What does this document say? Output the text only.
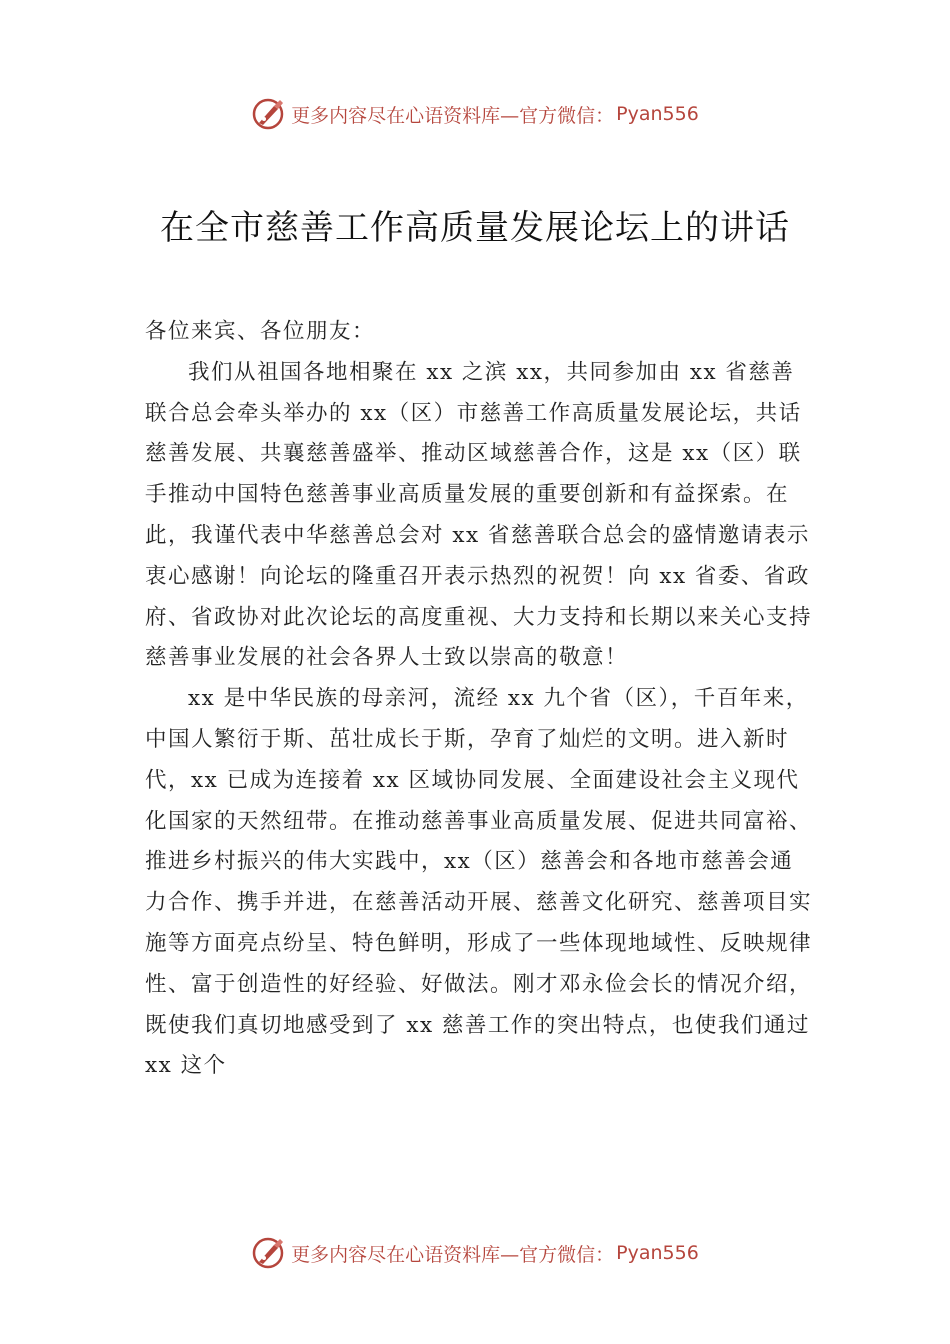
更多内容尽在心语资料库—官方微信： Pyan556
在全市慈善工作高质量发展论坛上的讲话

各位来宾、各位朋友：

我们从祖国各地相聚在 xx 之滨 xx，共同参加由 xx 省慈善联合总会牵头举办的 xx（区）市慈善工作高质量发展论坛，共话慈善发展、共襄慈善盛举、推动区域慈善合作，这是 xx（区）联手推动中国特色慈善事业高质量发展的重要创新和有益探索。在此，我谨代表中华慈善总会对 xx 省慈善联合总会的盛情邀请表示衷心感谢！向论坛的隆重召开表示热烈的祝贺！向 xx 省委、省政府、省政协对此次论坛的高度重视、大力支持和长期以来关心支持慈善事业发展的社会各界人士致以崇高的敬意！

xx 是中华民族的母亲河，流经 xx 九个省（区），千百年来，中国人繁衍于斯、茁壮成长于斯，孕育了灿烂的文明。进入新时代，xx 已成为连接着 xx 区域协同发展、全面建设社会主义现代化国家的天然纽带。在推动慈善事业高质量发展、促进共同富裕、推进乡村振兴的伟大实践中，xx（区）慈善会和各地市慈善会通力合作、携手并进，在慈善活动开展、慈善文化研究、慈善项目实施等方面亮点纷呈、特色鲜明，形成了一些体现地域性、反映规律性、富于创造性的好经验、好做法。刚才邓永俭会长的情况介绍，既使我们真切地感受到了 xx 慈善工作的突出特点，也使我们通过 xx 这个

更多内容尽在心语资料库—官方微信： Pyan556
